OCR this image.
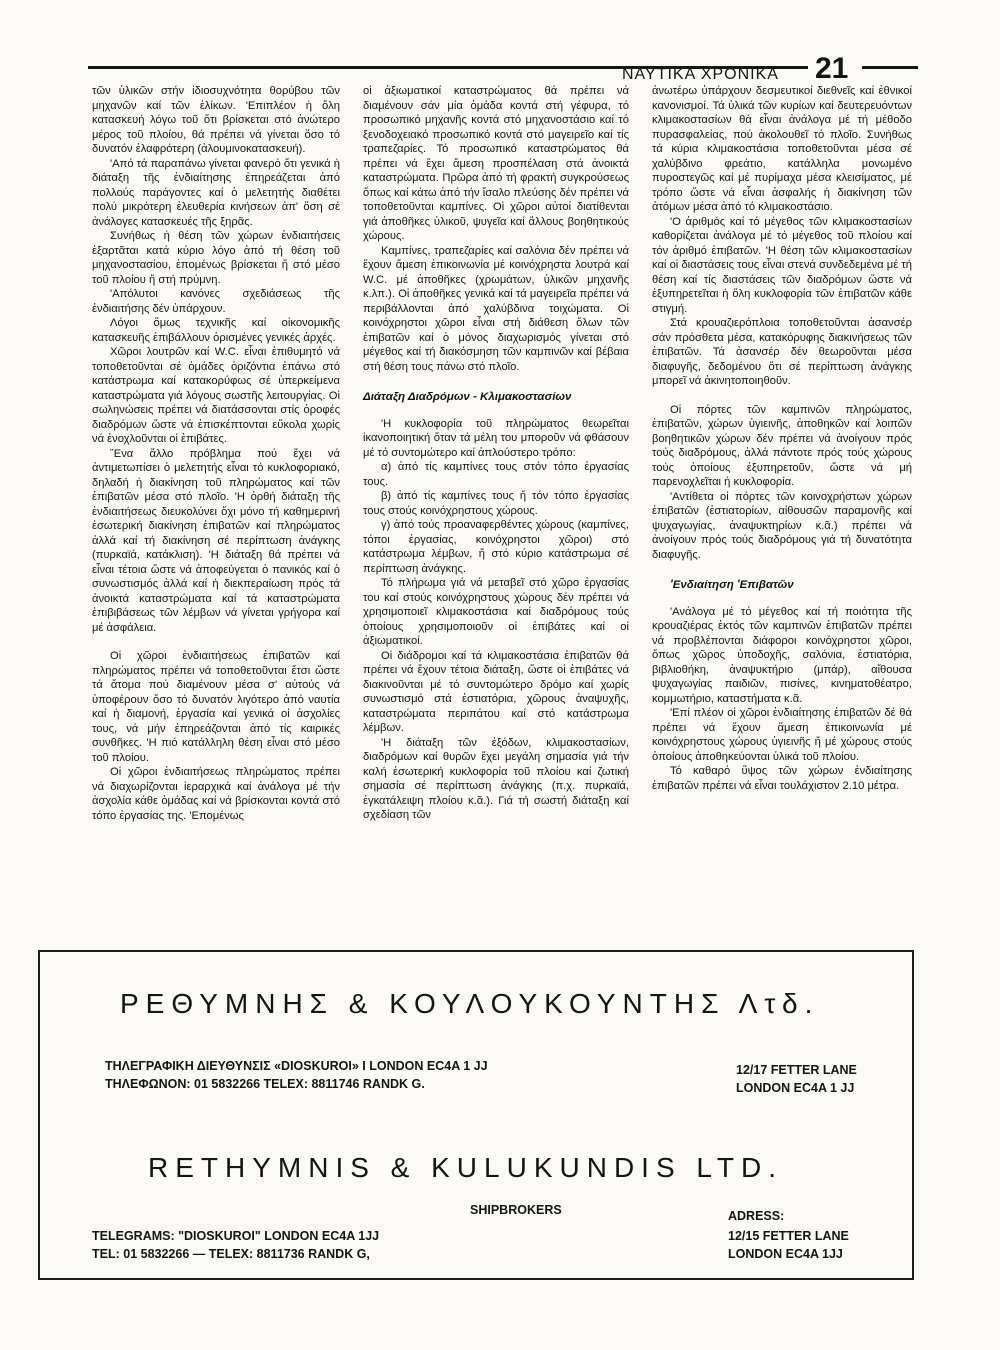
ΝΑΥΤΙΚΑ ΧΡΟΝΙΚΑ 21

τῶν ὑλικῶν στήν ἰδιοσυχνότητα θορύβου τῶν μηχανῶν καί τῶν ἑλίκων. 'Επιπλέον ἡ ὅλη κατασκευή λόγω τοῦ ὅτι βρίσκεται στό ἀνώτερο μέρος τοῦ πλοίου, θά πρέπει νά γίνεται ὅσο τό δυνατόν ἐλαφρότερη (ἀλουμινοκατασκευή).

'Από τά παραπάνω γίνεται φανερό ὅτι γενικά ἡ διάταξη τῆς ἐνδιαίτησης ἐπηρεάζεται ἀπό πολλούς παράγοντες καί ὁ μελετητής διαθέτει πολύ μικρότερη ἐλευθερία κινήσεων ἀπ' ὅση σέ ἀνάλογες κατασκευές τῆς ξηρᾶς.

Συνήθως ἡ θέση τῶν χώρων ἐνδιαιτήσεις ἐξαρτᾶται κατά κύριο λόγο ἀπό τή θέση τοῦ μηχανοστασίου, ἑπομένως βρίσκεται ἤ στό μέσο τοῦ πλοίου ἤ στή πρύμνη.

'Απόλυτοι κανόνες σχεδιάσεως τῆς ἐνδιαιτήσης δέν ὑπάρχουν.

Λόγοι ὅμως τεχνικῆς καί οἰκονομικῆς κατασκευῆς ἐπιβάλλουν ὁρισμένες γενικές ἀρχές.

Χῶροι λουτρῶν καί W.C. εἶναι ἐπιθυμητό νά τοποθετοῦνται σέ ὁμάδες ὁριζόντια ἐπάνω στό κατάστρωμα καί κατακορύφως σέ ὑπερκείμενα καταστρώματα γιά λόγους σωστῆς λειτουργίας. Οἱ σωληνώσεις πρέπει νά διατάσσονται στίς ὀροφές διαδρόμων ὥστε νά ἐπισκέπτονται εὔκολα χωρίς νά ἐνοχλοῦνται οἱ ἐπιβάτες.

῎Ενα ἄλλο πρόβλημα πού ἔχει νά ἀντιμετωπίσει ὁ μελετητής εἶναι τό κυκλοφοριακό, δηλαδή ἡ διακίνηση τοῦ πληρώματος καί τῶν ἐπιβατῶν μέσα στό πλοῖο. 'Η ὀρθή διάταξη τῆς ἐνδιαιτήσεως διευκολύνει ὄχι μόνο τή καθημερινή ἐσωτερική διακίνηση ἐπιβατῶν καί πληρώματος ἀλλά καί τή διακίνηση σέ περίπτωση ἀνάγκης (πυρκαϊά, κατάκλιση). 'Η διάταξη θά πρέπει νά εἶναι τέτοια ὥστε νά ἀποφεύγεται ὁ πανικός καί ὁ συνωστισμός ἀλλά καί ἡ διεκπεραίωση πρός τά ἀνοικτά καταστρώματα καί τά καταστρώματα ἐπιβιβάσεως τῶν λέμβων νά γίνεται γρήγορα καί μέ ἀσφάλεια.

Οἱ χῶροι ἐνδιαιτήσεως ἐπιβατῶν καί πληρώματος πρέπει νά τοποθετοῦνται ἔτσι ὥστε τά ἄτομα πού διαμένουν μέσα σ' αὐτούς νά ὑποφέρουν ὅσο τό δυνατόν λιγότερο ἀπό ναυτία καί ἡ διαμονή, ἐργασία καί γενικά οἱ ἀσχολίες τους, νά μήν ἐπηρεάζονται ἀπό τίς καιρικές συνθῆκες. 'Η πιό κατάλληλη θέση εἶναι στό μέσο τοῦ πλοίου.

Οἱ χῶροι ἐνδιαιτήσεως πληρώματος πρέπει νά διαχωρίζονται ἱεραρχικά καί ἀνάλογα μέ τήν ἀσχολία κάθε ὁμάδας καί νά βρίσκονται κοντά στό τόπο ἐργασίας της. 'Επομένως

οἱ ἀξιωματικοί καταστρώματος θά πρέπει νά διαμένουν σάν μία ὁμάδα κοντά στή γέφυρα, τό προσωπικό μηχανῆς κοντά στό μηχανοστάσιο καί τό ξενοδοχειακό προσωπικό κοντά στό μαγειρεῖο καί τίς τραπεζαρίες. Τό προσωπικό καταστρώματος θά πρέπει νά ἔχει ἄμεση προσπέλαση στά ἀνοικτά καταστρώματα. Πρῶρα ἀπό τή φρακτή συγκρούσεως ὅπως καί κάτω ἀπό τήν ἴσαλο πλεύσης δέν πρέπει νά τοποθετοῦνται καμπίνες. Οἱ χῶροι αὐτοί διατίθενται γιά ἀποθῆκες ὑλικοῦ, ψυγεῖα καί ἄλλους βοηθητικούς χώρους.

Καμπίνες, τραπεζαρίες καί σαλόνια δέν πρέπει νά ἔχουν ἄμεση ἐπικοινωνία μέ κοινόχρηστα λουτρά καί W.C. μέ ἀποθῆκες (χρωμάτων, ὑλικῶν μηχανῆς κ.λπ.). Οἱ ἀποθῆκες γενικά καί τά μαγειρεῖα πρέπει νά περιβάλλονται ἀπό χαλύβδινα τοιχώματα. Οἱ κοινόχρηστοι χῶροι εἶναι στή διάθεση ὅλων τῶν ἐπιβατῶν καί ὁ μόνος διαχωρισμός γίνεται στό μέγεθος καί τή διακόσμηση τῶν καμπινῶν καί βέβαια στή θέση τους πάνω στό πλοῖο.

Διάταξη Διαδρόμων - Κλιμακοστασίων

'Η κυκλοφορία τοῦ πληρώματος θεωρεῖται ἱκανοποιητική ὅταν τά μέλη του μποροῦν νά φθάσουν μέ τό συντομώτερο καί ἀπλούστερο τρόπο:

α) ἀπό τίς καμπίνες τους στόν τόπο ἐργασίας τους.

β) ἀπό τίς καμπίνες τους ἤ τόν τόπο ἐργασίας τους στούς κοινόχρηστους χώρους.

γ) ἀπό τούς προαναφερθέντες χώρους (καμπίνες, τόποι ἐργασίας, κοινόχρηστοι χῶροι) στό κατάστρωμα λέμβων, ἤ στό κύριο κατάστρωμα σέ περίπτωση ἀνάγκης.

Τό πλήρωμα γιά νά μεταβεῖ στό χῶρο ἐργασίας του καί στούς κοινόχρηστους χώρους δέν πρέπει νά χρησιμοποιεῖ κλιμακοστάσια καί διαδρόμους τούς ὁποίους χρησιμοποιοῦν οἱ ἐπιβάτες καί οἱ ἀξιωματικοί.

Οἱ διάδρομοι καί τά κλιμακοστάσια ἐπιβατῶν θά πρέπει νά ἔχουν τέτοια διάταξη, ὥστε οἱ ἐπιβάτες νά διακινοῦνται μέ τό συντομώτερο δρόμο καί χωρίς συνωστισμό στά ἑστιατόρια, χῶρους ἀναψυχῆς, καταστρώματα περιπάτου καί στό κατάστρωμα λέμβων.

'Η διάταξη τῶν ἐξόδων, κλιμακοστασίων, διαδρόμων καί θυρῶν ἔχει μεγάλη σημασία γιά τήν καλή ἐσωτερική κυκλοφορία τοῦ πλοίου καί ζωτική σημασία σέ περίπτωση ἀνάγκης (π.χ. πυρκαϊά, ἐγκατάλειψη πλοίου κ.ᾶ.). Γιά τή σωστή διάταξη καί σχεδίαση τῶν

ἀνωτέρω ὑπάρχουν δεσμευτικοί διεθνεῖς καί ἐθνικοί κανονισμοί. Τά ὑλικά τῶν κυρίων καί δευτερευόντων κλιμακοστασίων θά εἶναι ἀνάλογα μέ τή μέθοδο πυρασφαλείας, πού ἀκολουθεῖ τό πλοῖο. Συνήθως τά κύρια κλιμακοστάσια τοποθετοῦνται μέσα σέ χαλύβδινο φρεάτιο, κατάλληλα μονωμένο πυροστεγῶς καί μέ πυρίμαχα μέσα κλεισίματος, μέ τρόπο ὥστε νά εἶναι ἀσφαλής ἡ διακίνηση τῶν ἀτόμων μέσα ἀπό τό κλιμακοστάσιο.

'Ο ἀριθμός καί τό μέγεθος τῶν κλιμακοστασίων καθορίζεται ἀνάλογα μέ τό μέγεθος τοῦ πλοίου καί τόν ἀριθμό ἐπιβατῶν. 'Η θέση τῶν κλιμακοστασίων καί οἱ διαστάσεις τους εἶναι στενά συνδεδεμένα μέ τή θέση καί τίς διαστάσεις τῶν διαδρόμων ὥστε νά ἐξυπηρετεῖται ἡ ὅλη κυκλοφορία τῶν ἐπιβατῶν κάθε στιγμή.

Στά κρουαζιερόπλοια τοποθετοῦνται ἀσανσέρ σάν πρόσθετα μέσα, κατακόρυφης διακινήσεως τῶν ἐπιβατῶν. Τά ἀσανσέρ δέν θεωροῦνται μέσα διαφυγῆς, δεδομένου ὅτι σέ περίπτωση ἀνάγκης μπορεῖ νά ἀκινητοποιηθοῦν.

Οἱ πόρτες τῶν καμπινῶν πληρώματος, ἐπιβατῶν, χώρων ὑγιεινῆς, ἀποθηκῶν καί λοιπῶν βοηθητικῶν χώρων δέν πρέπει νά ἀνοίγουν πρός τούς διαδρόμους, ἀλλά πάντοτε πρός τούς χώρους τούς ὁποίους ἐξυπηρετοῦν, ὥστε νά μή παρενοχλεῖται ἡ κυκλοφορία.

'Αντίθετα οἱ πόρτες τῶν κοινοχρήστων χώρων ἐπιβατῶν (ἑστιατορίων, αἰθουσῶν παραμονῆς καί ψυχαγωγίας, ἀναψυκτηρίων κ.ᾶ.) πρέπει νά ἀνοίγουν πρός τούς διαδρόμους γιά τή δυνατότητα διαφυγῆς.

'Ενδιαίτηση 'Επιβατῶν

'Ανάλογα μέ τό μέγεθος καί τή ποιότητα τῆς κρουαζιέρας ἐκτός τῶν καμπινῶν ἐπιβατῶν πρέπει νά προβλέπονται διάφοροι κοινόχρηστοι χῶροι, ὅπως χῶρος ὑποδοχῆς, σαλόνια, ἑστιατόρια, βιβλιοθήκη, ἀναψυκτήριο (μπάρ), αἴθουσα ψυχαγωγίας παιδιῶν, πισίνες, κινηματοθέατρο, κομμωτήριο, καταστήματα κ.ᾶ.

'Επί πλέον οἱ χῶροι ἐνδιαίτησης ἐπιβατῶν δέ θά πρέπει νά ἔχουν ἄμεση ἐπικοινωνία μέ κοινόχρηστους χώρους ὑγιεινῆς ἤ μέ χώρους στούς ὁποίους ἀποθηκεύονται ὑλικά τοῦ πλοίου.

Τό καθαρό ὕψος τῶν χώρων ἐνδιαίτησης ἐπιβατῶν πρέπει νά εἶναι τουλάχιστον 2.10 μέτρα.

ΡΕΘΥΜΝΗΣ & ΚΟΥΛΟΥΚΟΥΝΤΗΣ Λτδ.
ΤΗΛΕΓΡΑΦΙΚΗ ΔΙΕΥΘΥΝΣΙΣ «DIOSKUROI» I LONDON EC4A 1 JJ
ΤΗΛΕΦΩΝΟΝ: 01 5832266 TELEX: 8811746 RANDK G.
12/17 FETTER LANE
LONDON EC4A 1 JJ
RETHYMNIS & KULUKUNDIS LTD.
SHIPBROKERS	ADRESS:
12/15 FETTER LANE
LONDON EC4A 1JJ
TELEGRAMS: "DIOSKUROI" LONDON EC4A 1JJ
TEL: 01 5832266 — TELEX: 8811736 RANDK G,
